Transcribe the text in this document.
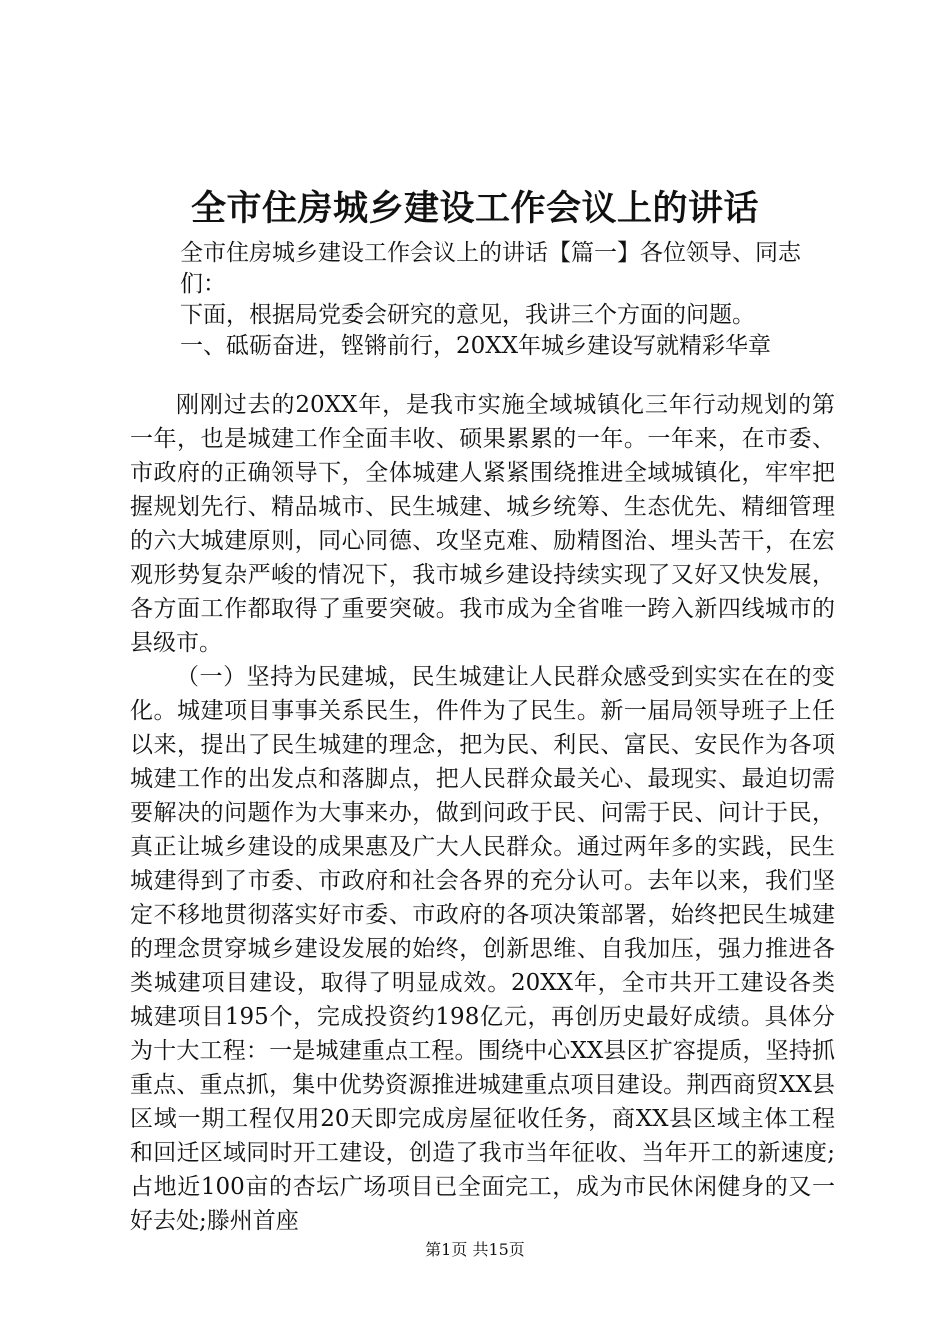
全市住房城乡建设工作会议上的讲话

全市住房城乡建设工作会议上的讲话【篇一】各位领导、同志们：

下面，根据局党委会研究的意见，我讲三个方面的问题。

一、砥砺奋进，铿锵前行，20XX年城乡建设写就精彩华章

刚刚过去的20XX年，是我市实施全域城镇化三年行动规划的第一年，也是城建工作全面丰收、硕果累累的一年。一年来，在市委、市政府的正确领导下，全体城建人紧紧围绕推进全域城镇化，牢牢把握规划先行、精品城市、民生城建、城乡统筹、生态优先、精细管理的六大城建原则，同心同德、攻坚克难、励精图治、埋头苦干，在宏观形势复杂严峻的情况下，我市城乡建设持续实现了又好又快发展，各方面工作都取得了重要突破。我市成为全省唯一跨入新四线城市的县级市。

（一）坚持为民建城，民生城建让人民群众感受到实实在在的变化。城建项目事事关系民生，件件为了民生。新一届局领导班子上任以来，提出了民生城建的理念，把为民、利民、富民、安民作为各项城建工作的出发点和落脚点，把人民群众最关心、最现实、最迫切需要解决的问题作为大事来办，做到问政于民、问需于民、问计于民，真正让城乡建设的成果惠及广大人民群众。通过两年多的实践，民生城建得到了市委、市政府和社会各界的充分认可。去年以来，我们坚定不移地贯彻落实好市委、市政府的各项决策部署，始终把民生城建的理念贯穿城乡建设发展的始终，创新思维、自我加压，强力推进各类城建项目建设，取得了明显成效。20XX年，全市共开工建设各类城建项目195个，完成投资约198亿元，再创历史最好成绩。具体分为十大工程：一是城建重点工程。围绕中心XX县区扩容提质，坚持抓重点、重点抓，集中优势资源推进城建重点项目建设。荆西商贸XX县区域一期工程仅用20天即完成房屋征收任务，商XX县区域主体工程和回迁区域同时开工建设，创造了我市当年征收、当年开工的新速度;占地近100亩的杏坛广场项目已全面完工，成为市民休闲健身的又一好去处;滕州首座

第1页 共15页
